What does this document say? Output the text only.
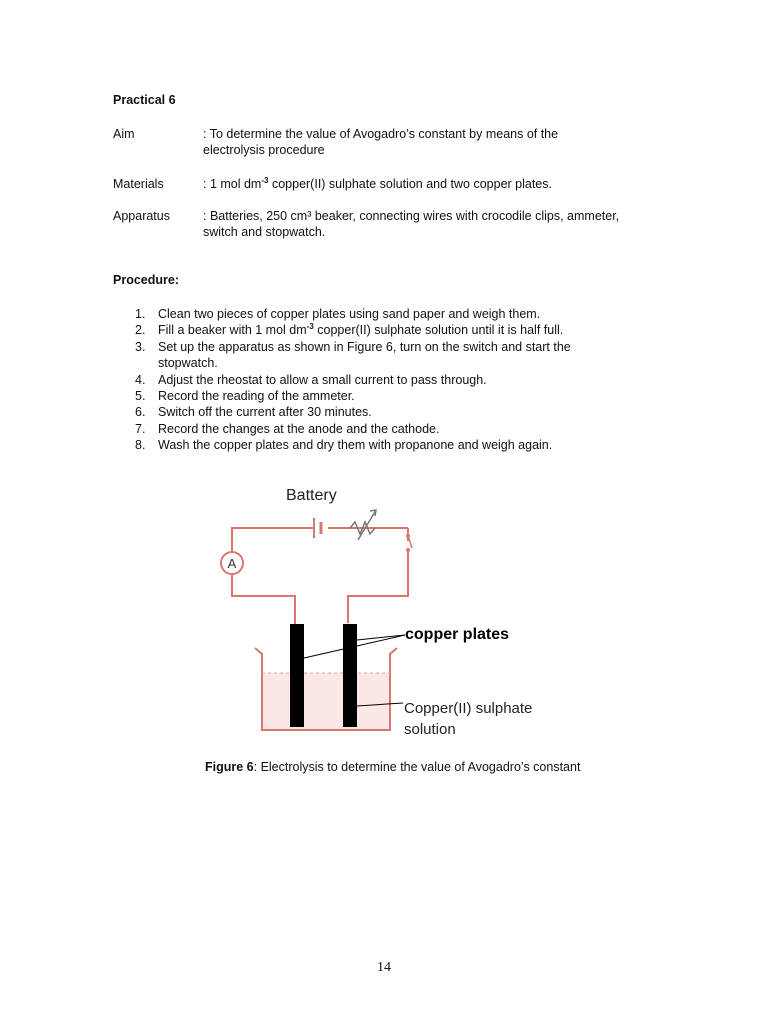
Practical 6
Aim	: To determine the value of Avogadro’s constant by means of the electrolysis procedure
Materials	: 1 mol $dm^{-3}$ copper(II) sulphate solution and two copper plates.
Apparatus	: Batteries, 250 cm³ beaker, connecting wires with crocodile clips, ammeter, switch and stopwatch.
Procedure:
1. Clean two pieces of copper plates using sand paper and weigh them.
2. Fill a beaker with 1 mol $dm^{-3}$ copper(II) sulphate solution until it is half full.
3. Set up the apparatus as shown in Figure 6, turn on the switch and start the stopwatch.
4. Adjust the rheostat to allow a small current to pass through.
5. Record the reading of the ammeter.
6. Switch off the current after 30 minutes.
7. Record the changes at the anode and the cathode.
8. Wash the copper plates and dry them with propanone and weigh again.
A
Battery
copper plates
Copper(II) sulphate
solution
Figure 6: Electrolysis to determine the value of Avogadro’s constant
14
